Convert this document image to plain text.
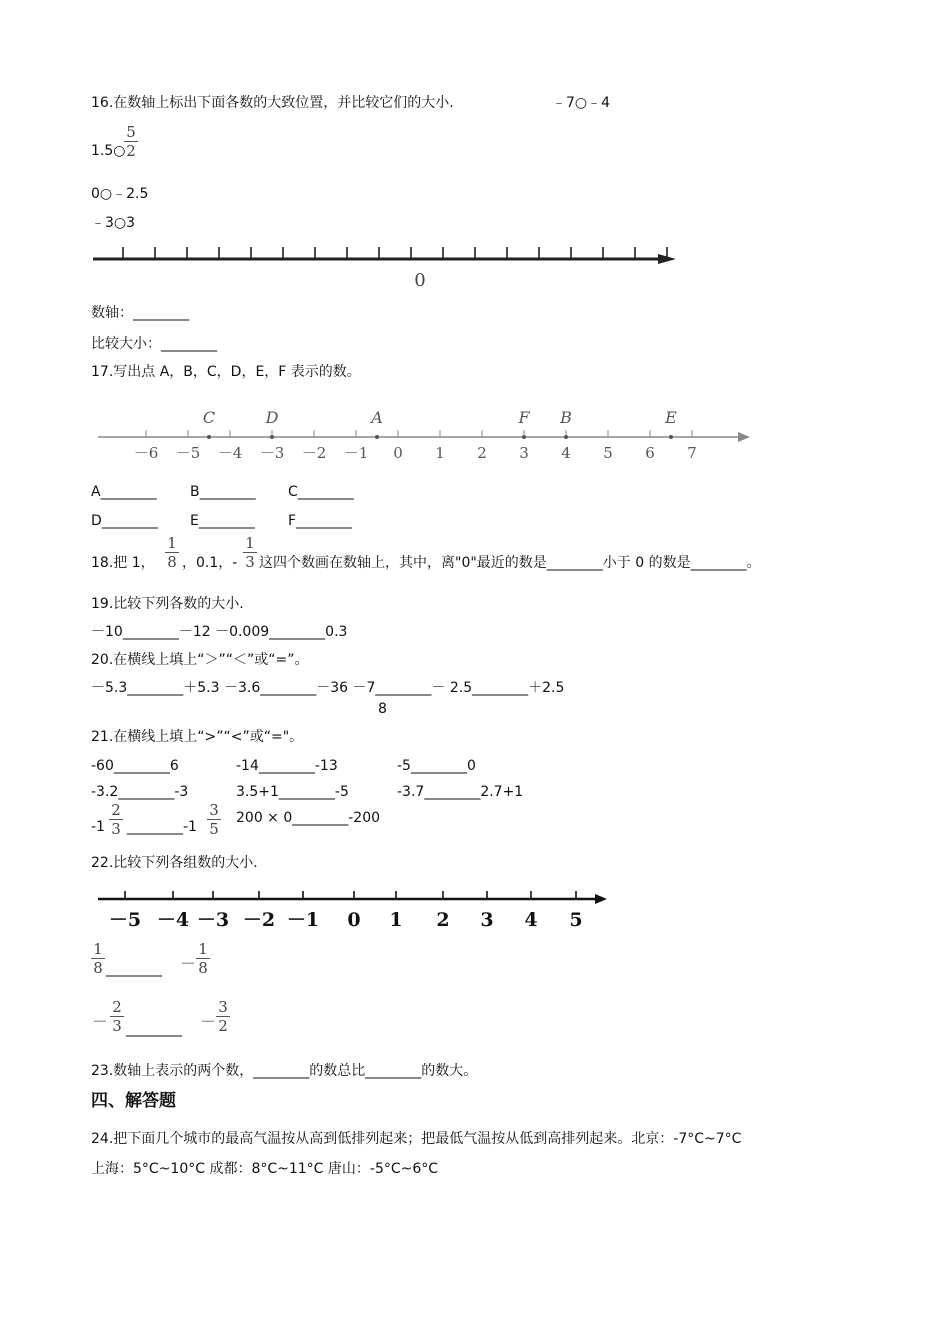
16.在数轴上标出下面各数的大致位置，并比较它们的大小.	﹣7○﹣4
1.5○
5
2
0○﹣2.5
﹣3○3
0
数轴：________
比较大小：________
17.写出点 A，B，C，D，E，F 表示的数。
－6 －5 －4 －3 －2 －1 0 1 2 3 4 5 6 7
C	D	A	F B	E
A________ B________ C________
D________ E________ F________
18.把 1，
1
8 ，0.1，-
1
3 这四个数画在数轴上，其中，离"0"最近的数是________小于 0 的数是________。
19.比较下列各数的大小.
－10________－12 －0.009________0.3
20.在横线上填上“＞”“＜”或“=”。
－5.3________＋5.3 －3.6________－36 －7________－ 2.5________＋2.5
8
21.在横线上填上“>”“<”或“="。
-60________6	-14________-13	-5________0
-3.2________-3	3.5+1________-5	-3.7________2.7+1
-1
2
3 ________-1
3
5
200 × 0________-200
22.比较下列各组数的大小.
－5 －4 －3 －2 －1 0 1 2 3 4 5
1
8 ________ －
1
8
－
2
3 ________ －
3
2
23.数轴上表示的两个数，________的数总比________的数大。
四、解答题
24.把下面几个城市的最高气温按从高到低排列起来；把最低气温按从低到高排列起来。北京：-7°C~7°C
上海：5°C~10°C 成都：8°C~11°C 唐山：-5°C~6°C
